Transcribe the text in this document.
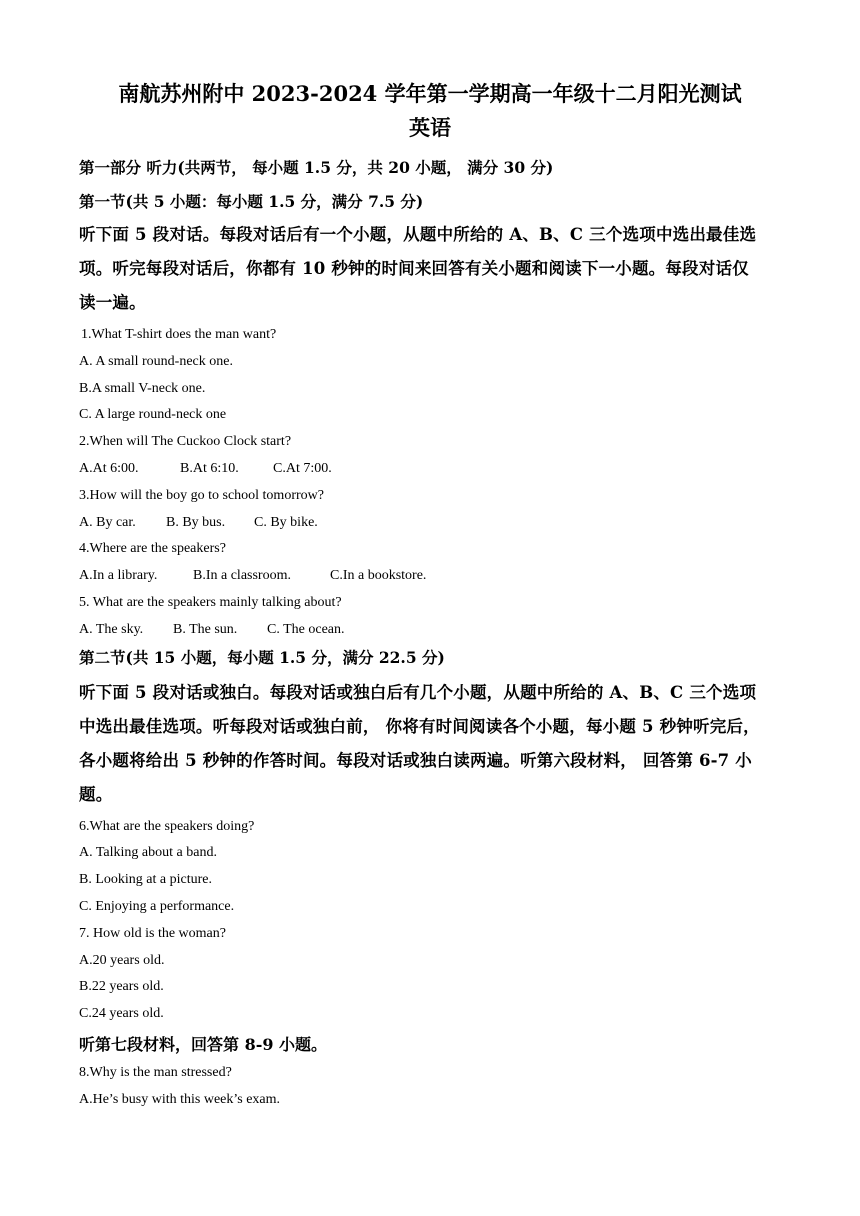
南航苏州附中 2023-2024 学年第一学期高一年级十二月阳光测试
英语

第一部分 听力(共两节， 每小题 1.5 分，共 20 小题， 满分 30 分)

第一节(共 5 小题：每小题 1.5 分，满分 7.5 分)

听下面 5 段对话。每段对话后有一个小题，从题中所给的 A、B、C 三个选项中选出最佳选

项。听完每段对话后，你都有 10 秒钟的时间来回答有关小题和阅读下一小题。每段对话仅

读一遍。

1.What T-shirt does the man want?

A. A small round-neck one.

B.A small V-neck one.

C. A large round-neck one

2.When will The Cuckoo Clock start?

A.At 6:00.	B.At 6:10. C.At 7:00.

3.How will the boy go to school tomorrow?

A. By car. B. By bus. C. By bike.

4.Where are the speakers?

A.In a library.	B.In a classroom.	C.In a bookstore.

5. What are the speakers mainly talking about?

A. The sky. B. The sun. C. The ocean.

第二节(共 15 小题，每小题 1.5 分，满分 22.5 分)

听下面 5 段对话或独白。每段对话或独白后有几个小题，从题中所给的 A、B、C 三个选项

中选出最佳选项。听每段对话或独白前， 你将有时间阅读各个小题，每小题 5 秒钟听完后，

各小题将给出 5 秒钟的作答时间。每段对话或独白读两遍。听第六段材料， 回答第 6-7 小

题。

6.What are the speakers doing?

A. Talking about a band.

B. Looking at a picture.

C. Enjoying a performance.

7. How old is the woman?

A.20 years old.

B.22 years old.

C.24 years old.

听第七段材料，回答第 8-9 小题。

8.Why is the man stressed?

A.He’s busy with this week’s exam.
